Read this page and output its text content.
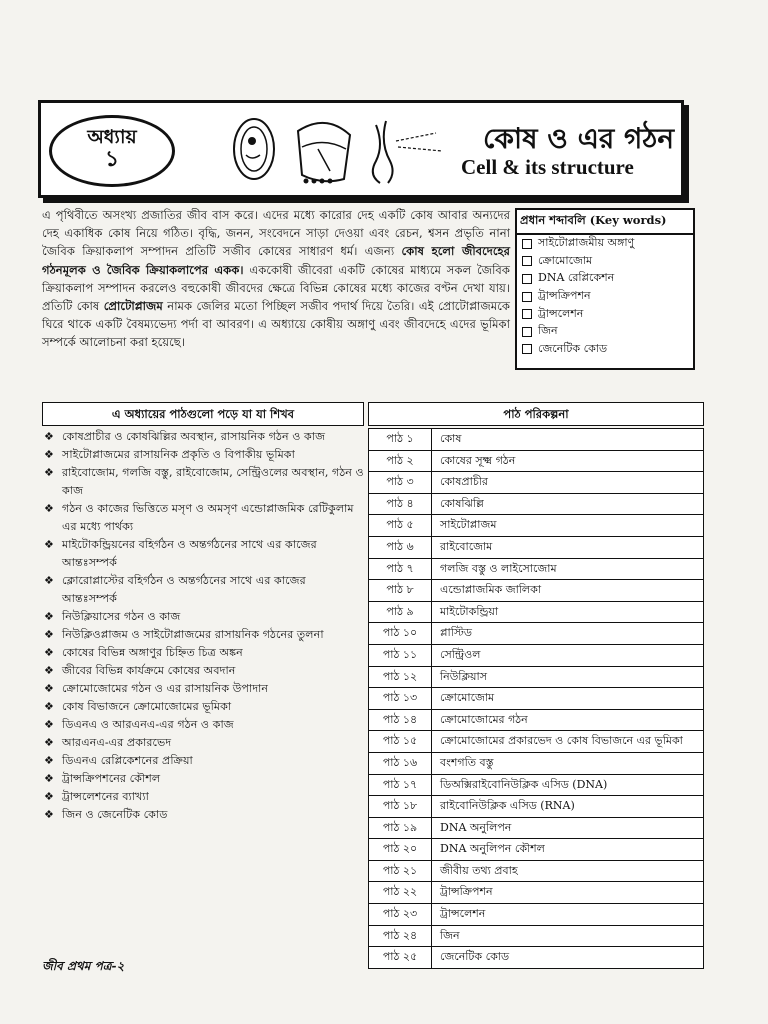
অধ্যায়
১
কোষ ও এর গঠন
Cell & its structure
এ পৃথিবীতে অসংখ্য প্রজাতির জীব বাস করে। এদের মধ্যে কারোর দেহ একটি কোষ আবার অন্যদের দেহ একাধিক কোষ নিয়ে গঠিত। বৃদ্ধি, জনন, সংবেদনে সাড়া দেওয়া এবং রেচন, শ্বসন প্রভৃতি নানা জৈবিক ক্রিয়াকলাপ সম্পাদন প্রতিটি সজীব কোষের সাধারণ ধর্ম। এজন্য কোষ হলো জীবদেহের গঠনমূলক ও জৈবিক ক্রিয়াকলাপের একক। এককোষী জীবেরা একটি কোষের মাধ্যমে সকল জৈবিক ক্রিয়াকলাপ সম্পাদন করলেও বহুকোষী জীবদের ক্ষেত্রে বিভিন্ন কোষের মধ্যে কাজের বণ্টন দেখা যায়। প্রতিটি কোষ প্রোটোপ্লাজম নামক জেলির মতো পিচ্ছিল সজীব পদার্থ দিয়ে তৈরি। এই প্রোটোপ্লাজমকে ঘিরে থাকে একটি বৈষম্যভেদ্য পর্দা বা আবরণ। এ অধ্যায়ে কোষীয় অঙ্গাণু এবং জীবদেহে এদের ভূমিকা সম্পর্কে আলোচনা করা হয়েছে।
প্রধান শব্দাবলি (Key words)
সাইটোপ্লাজমীয় অঙ্গাণু
ক্রোমোজোম
DNA রেপ্লিকেশন
ট্রান্সক্রিপশন
ট্রান্সলেশন
জিন
জেনেটিক কোড
এ অধ্যায়ের পাঠগুলো পড়ে যা যা শিখব	পাঠ পরিকল্পনা
❖ কোষপ্রাচীর ও কোষঝিল্লির অবস্থান, রাসায়নিক গঠন ও কাজ
❖ সাইটোপ্লাজমের রাসায়নিক প্রকৃতি ও বিপাকীয় ভূমিকা
❖ রাইবোজোম, গলজি বস্তু, রাইবোজোম, সেন্ট্রিওলের অবস্থান, গঠন ও কাজ
❖ গঠন ও কাজের ভিত্তিতে মসৃণ ও অমসৃণ এন্ডোপ্লাজমিক রেটিকুলাম এর মধ্যে পার্থক্য
❖ মাইটোকন্ড্রিয়নের বহির্গঠন ও অন্তর্গঠনের সাথে এর কাজের আন্তঃসম্পর্ক
❖ ক্লোরোপ্লাস্টের বহির্গঠন ও অন্তর্গঠনের সাথে এর কাজের আন্তঃসম্পর্ক
❖ নিউক্লিয়াসের গঠন ও কাজ
❖ নিউক্লিওপ্লাজম ও সাইটোপ্লাজমের রাসায়নিক গঠনের তুলনা
❖ কোষের বিভিন্ন অঙ্গাণুর চিহ্নিত চিত্র অঙ্কন
❖ জীবের বিভিন্ন কার্যক্রমে কোষের অবদান
❖ ক্রোমোজোমের গঠন ও এর রাসায়নিক উপাদান
❖ কোষ বিভাজনে ক্রোমোজোমের ভূমিকা
❖ ডিএনএ ও আরএনএ-এর গঠন ও কাজ
❖ আরএনএ-এর প্রকারভেদ
❖ ডিএনএ রেপ্লিকেশনের প্রক্রিয়া
❖ ট্রান্সক্রিপশনের কৌশল
❖ ট্রান্সলেশনের ব্যাখ্যা
❖ জিন ও জেনেটিক কোড
পাঠ ১	কোষ
পাঠ ২	কোষের সূক্ষ্ম গঠন
পাঠ ৩	কোষপ্রাচীর
পাঠ ৪	কোষঝিল্লি
পাঠ ৫	সাইটোপ্লাজম
পাঠ ৬	রাইবোজোম
পাঠ ৭	গলজি বস্তু ও লাইসোজোম
পাঠ ৮	এন্ডোপ্লাজমিক জালিকা
পাঠ ৯	মাইটোকন্ড্রিয়া
পাঠ ১০	প্লাস্টিড
পাঠ ১১	সেন্ট্রিওল
পাঠ ১২	নিউক্লিয়াস
পাঠ ১৩	ক্রোমোজোম
পাঠ ১৪	ক্রোমোজোমের গঠন
পাঠ ১৫	ক্রোমোজোমের প্রকারভেদ ও কোষ বিভাজনে এর ভূমিকা
পাঠ ১৬	বংশগতি বস্তু
পাঠ ১৭	ডিঅক্সিরাইবোনিউক্লিক এসিড (DNA)
পাঠ ১৮	রাইবোনিউক্লিক এসিড (RNA)
পাঠ ১৯	DNA অনুলিপন
পাঠ ২০	DNA অনুলিপন কৌশল
পাঠ ২১	জীবীয় তথ্য প্রবাহ
পাঠ ২২	ট্রান্সক্রিপশন
পাঠ ২৩	ট্রান্সলেশন
পাঠ ২৪	জিন
পাঠ ২৫	জেনেটিক কোড
জীব প্রথম পত্র-২
